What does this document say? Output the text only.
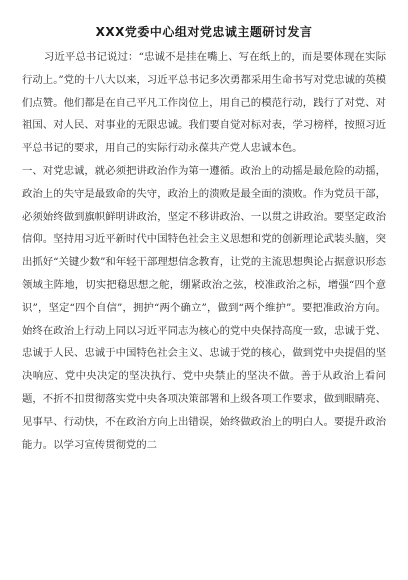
XXX党委中心组对党忠诚主题研讨发言

习近平总书记说过：“忠诚不是挂在嘴上、写在纸上的，而是要体现在实际行动上。”党的十八大以来，习近平总书记多次勇都采用生命书写对党忠诚的英模们点赞。他们都是在自己平凡工作岗位上，用自己的模范行动，践行了对党、对祖国、对人民、对事业的无限忠诚。我们要自觉对标对表，学习榜样，按照习近平总书记的要求，用自己的实际行动永葆共产党人忠诚本色。

一、对党忠诚，就必须把讲政治作为第一遵循。政治上的动摇是最危险的动摇，政治上的失守是最致命的失守，政治上的溃败是最全面的溃败。作为党员干部，必须始终做到旗帜鲜明讲政治，坚定不移讲政治、一以贯之讲政治。要坚定政治信仰。坚持用习近平新时代中国特色社会主义思想和党的创新理论武装头脑，突出抓好“关键少数”和年轻干部理想信念教育，让党的主流思想舆论占据意识形态领域主阵地，切实把稳思想之舵，绷紧政治之弦，校准政治之标，增强“四个意识”，坚定“四个自信”，拥护“两个确立”，做到“两个维护”。要把准政治方向。始终在政治上行动上同以习近平同志为核心的党中央保持高度一致，忠诚于党、忠诚于人民、忠诚于中国特色社会主义、忠诚于党的核心，做到党中央提倡的坚决响应、党中央决定的坚决执行、党中央禁止的坚决不做。善于从政治上看问题，不折不扣贯彻落实党中央各项决策部署和上级各项工作要求，做到眼睛亮、见事早、行动快，不在政治方向上出错误，始终做政治上的明白人。要提升政治能力。以学习宣传贯彻党的二
